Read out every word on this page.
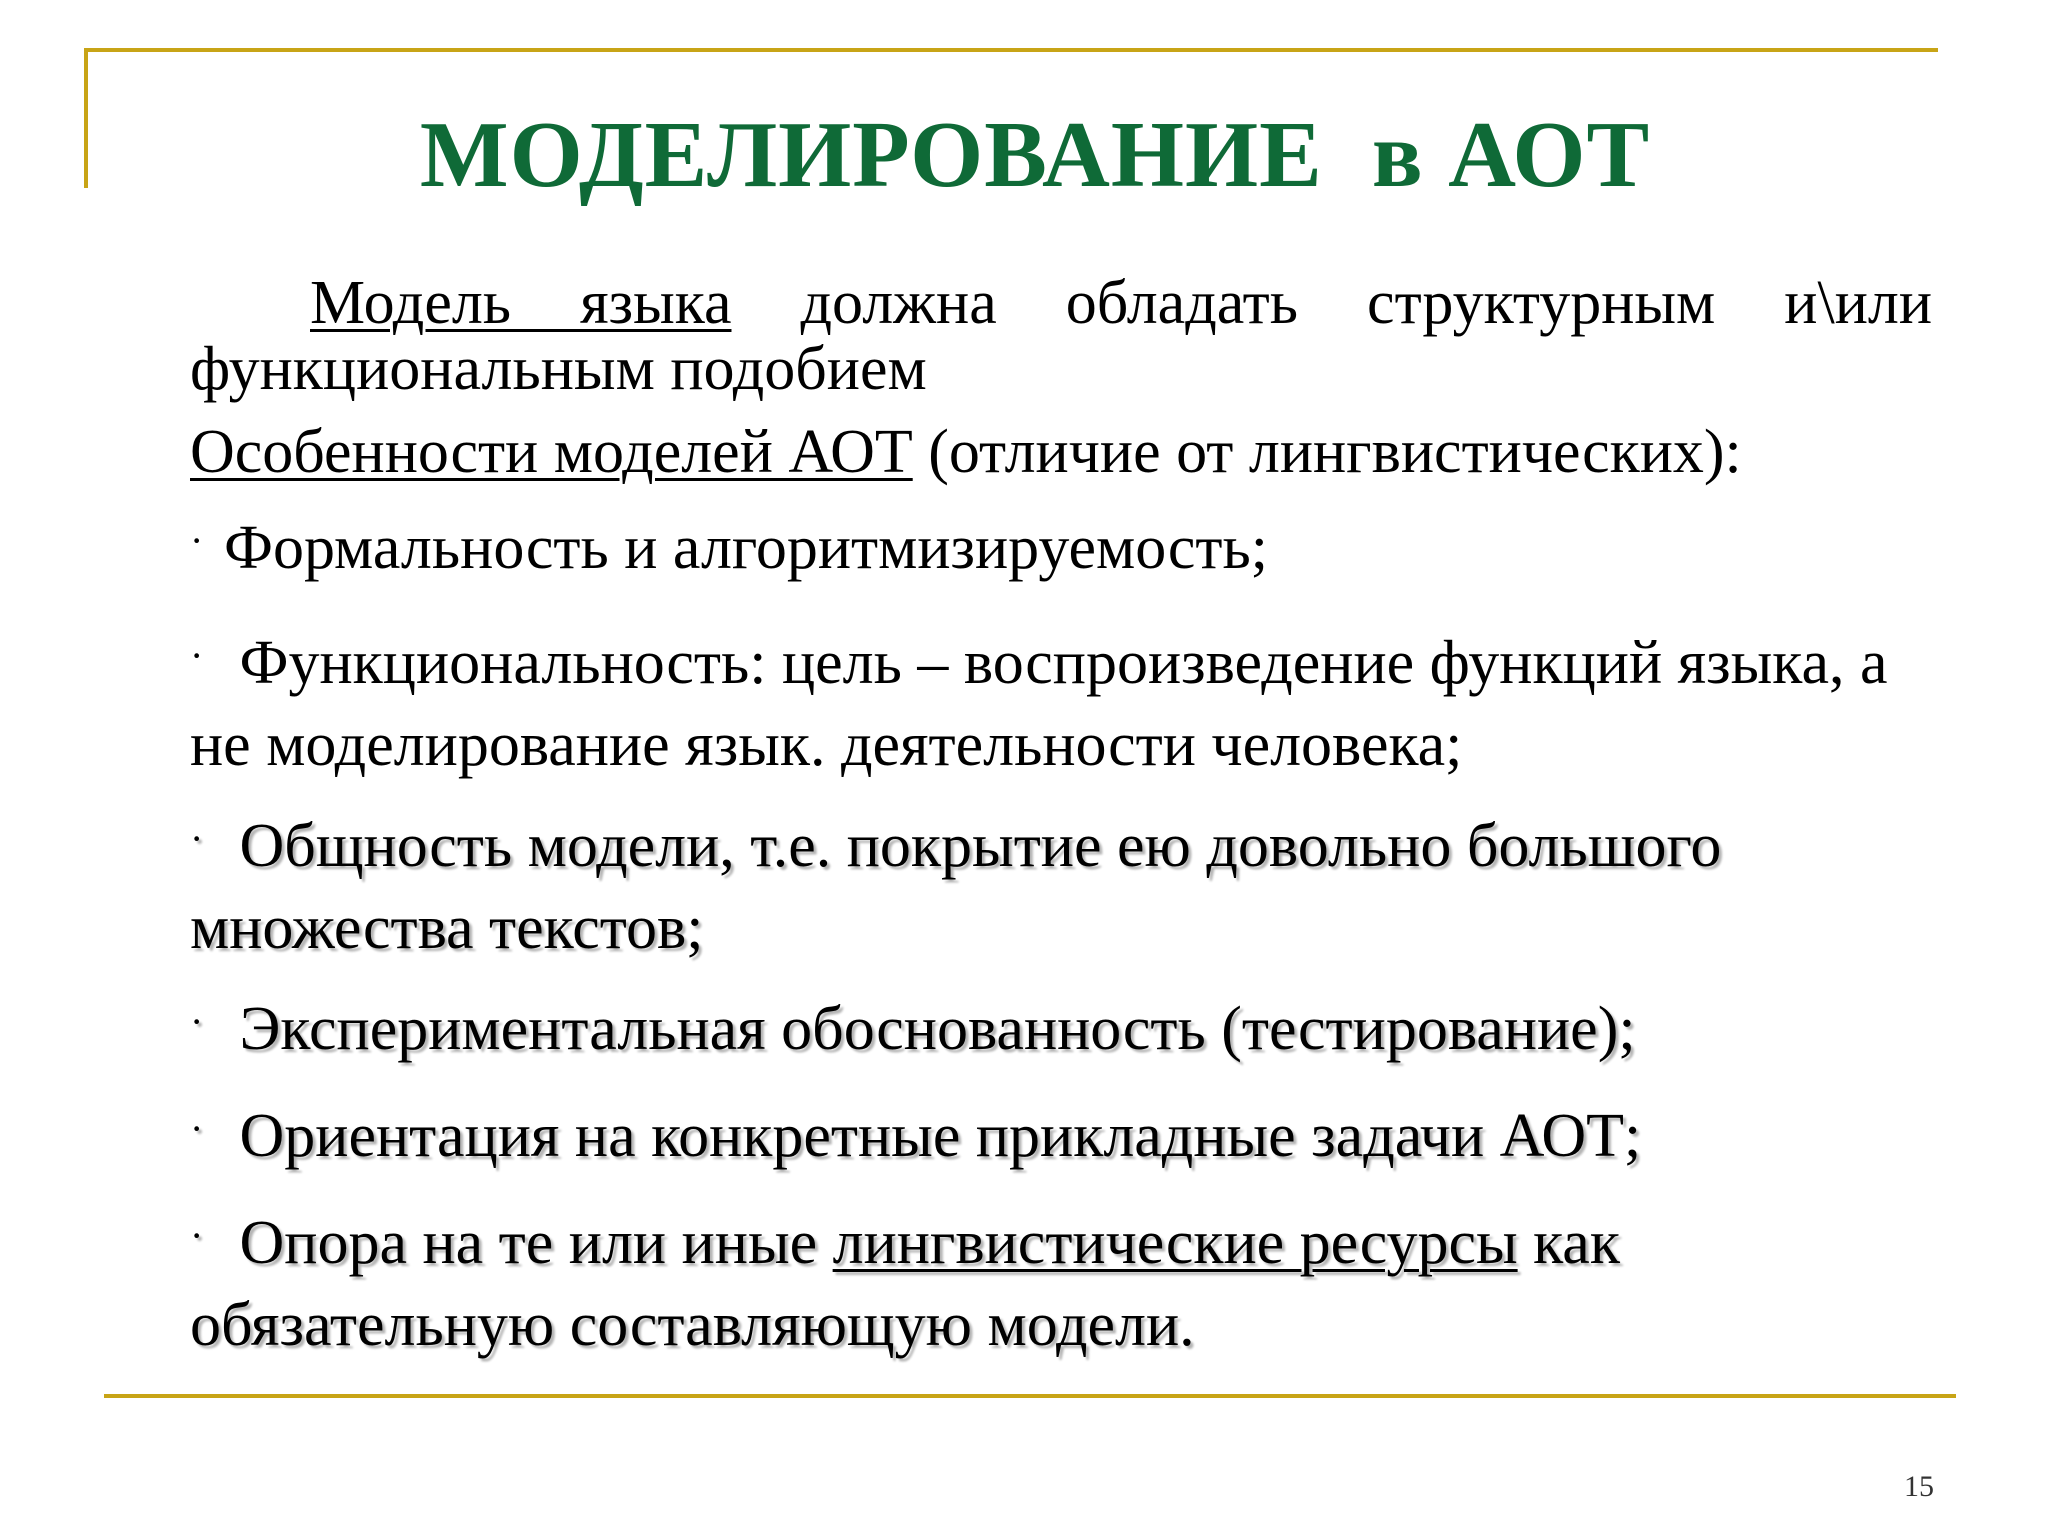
МОДЕЛИРОВАНИЕ  в АОТ

Модель языка должна обладать структурным и\или функциональным подобием

Особенности моделей АОТ (отличие от лингвистических):

· Формальность и алгоритмизируемость;

· Функциональность: цель – воспроизведение функций языка, а не моделирование язык. деятельности человека;

· Общность модели, т.е. покрытие ею довольно большого множества текстов;

· Экспериментальная обоснованность (тестирование);

· Ориентация на конкретные прикладные задачи АОТ;

· Опора на те или иные лингвистические ресурсы как обязательную составляющую модели.

15
